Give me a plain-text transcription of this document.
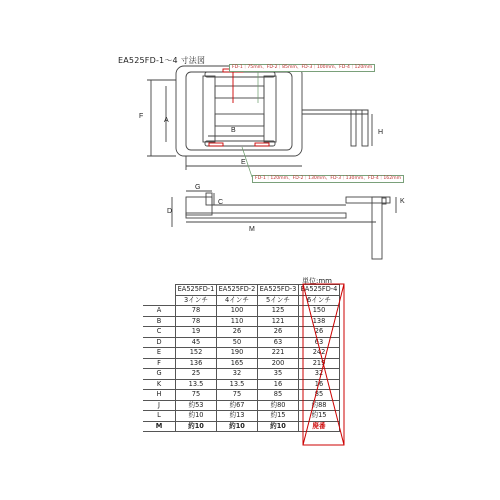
F
A
B
E
H
G
C
D
K
M
EA525FD-1～4 寸法図
FD-1｜75mm、FD-2｜85mm、FD-3｜100mm、FD-4｜120mm
FD-1｜120mm、FD-2｜130mm、FD-3｜130mm、FD-4｜162mm
単位:mm
	EA525FD-1	EA525FD-2	EA525FD-3	EA525FD-4
	3インチ	4インチ	5インチ	6インチ
A	78	100	125	150
B	78	110	121	138
C	19	26	26	26
D	45	50	63	63
E	152	190	221	242
F	136	165	200	219
G	25	32	35	32
K	13.5	13.5	16	16
H	75	75	85	85
J	約53	約67	約80	約88
L	約10	約13	約15	約15
M	約10	約10	約10	廃番
